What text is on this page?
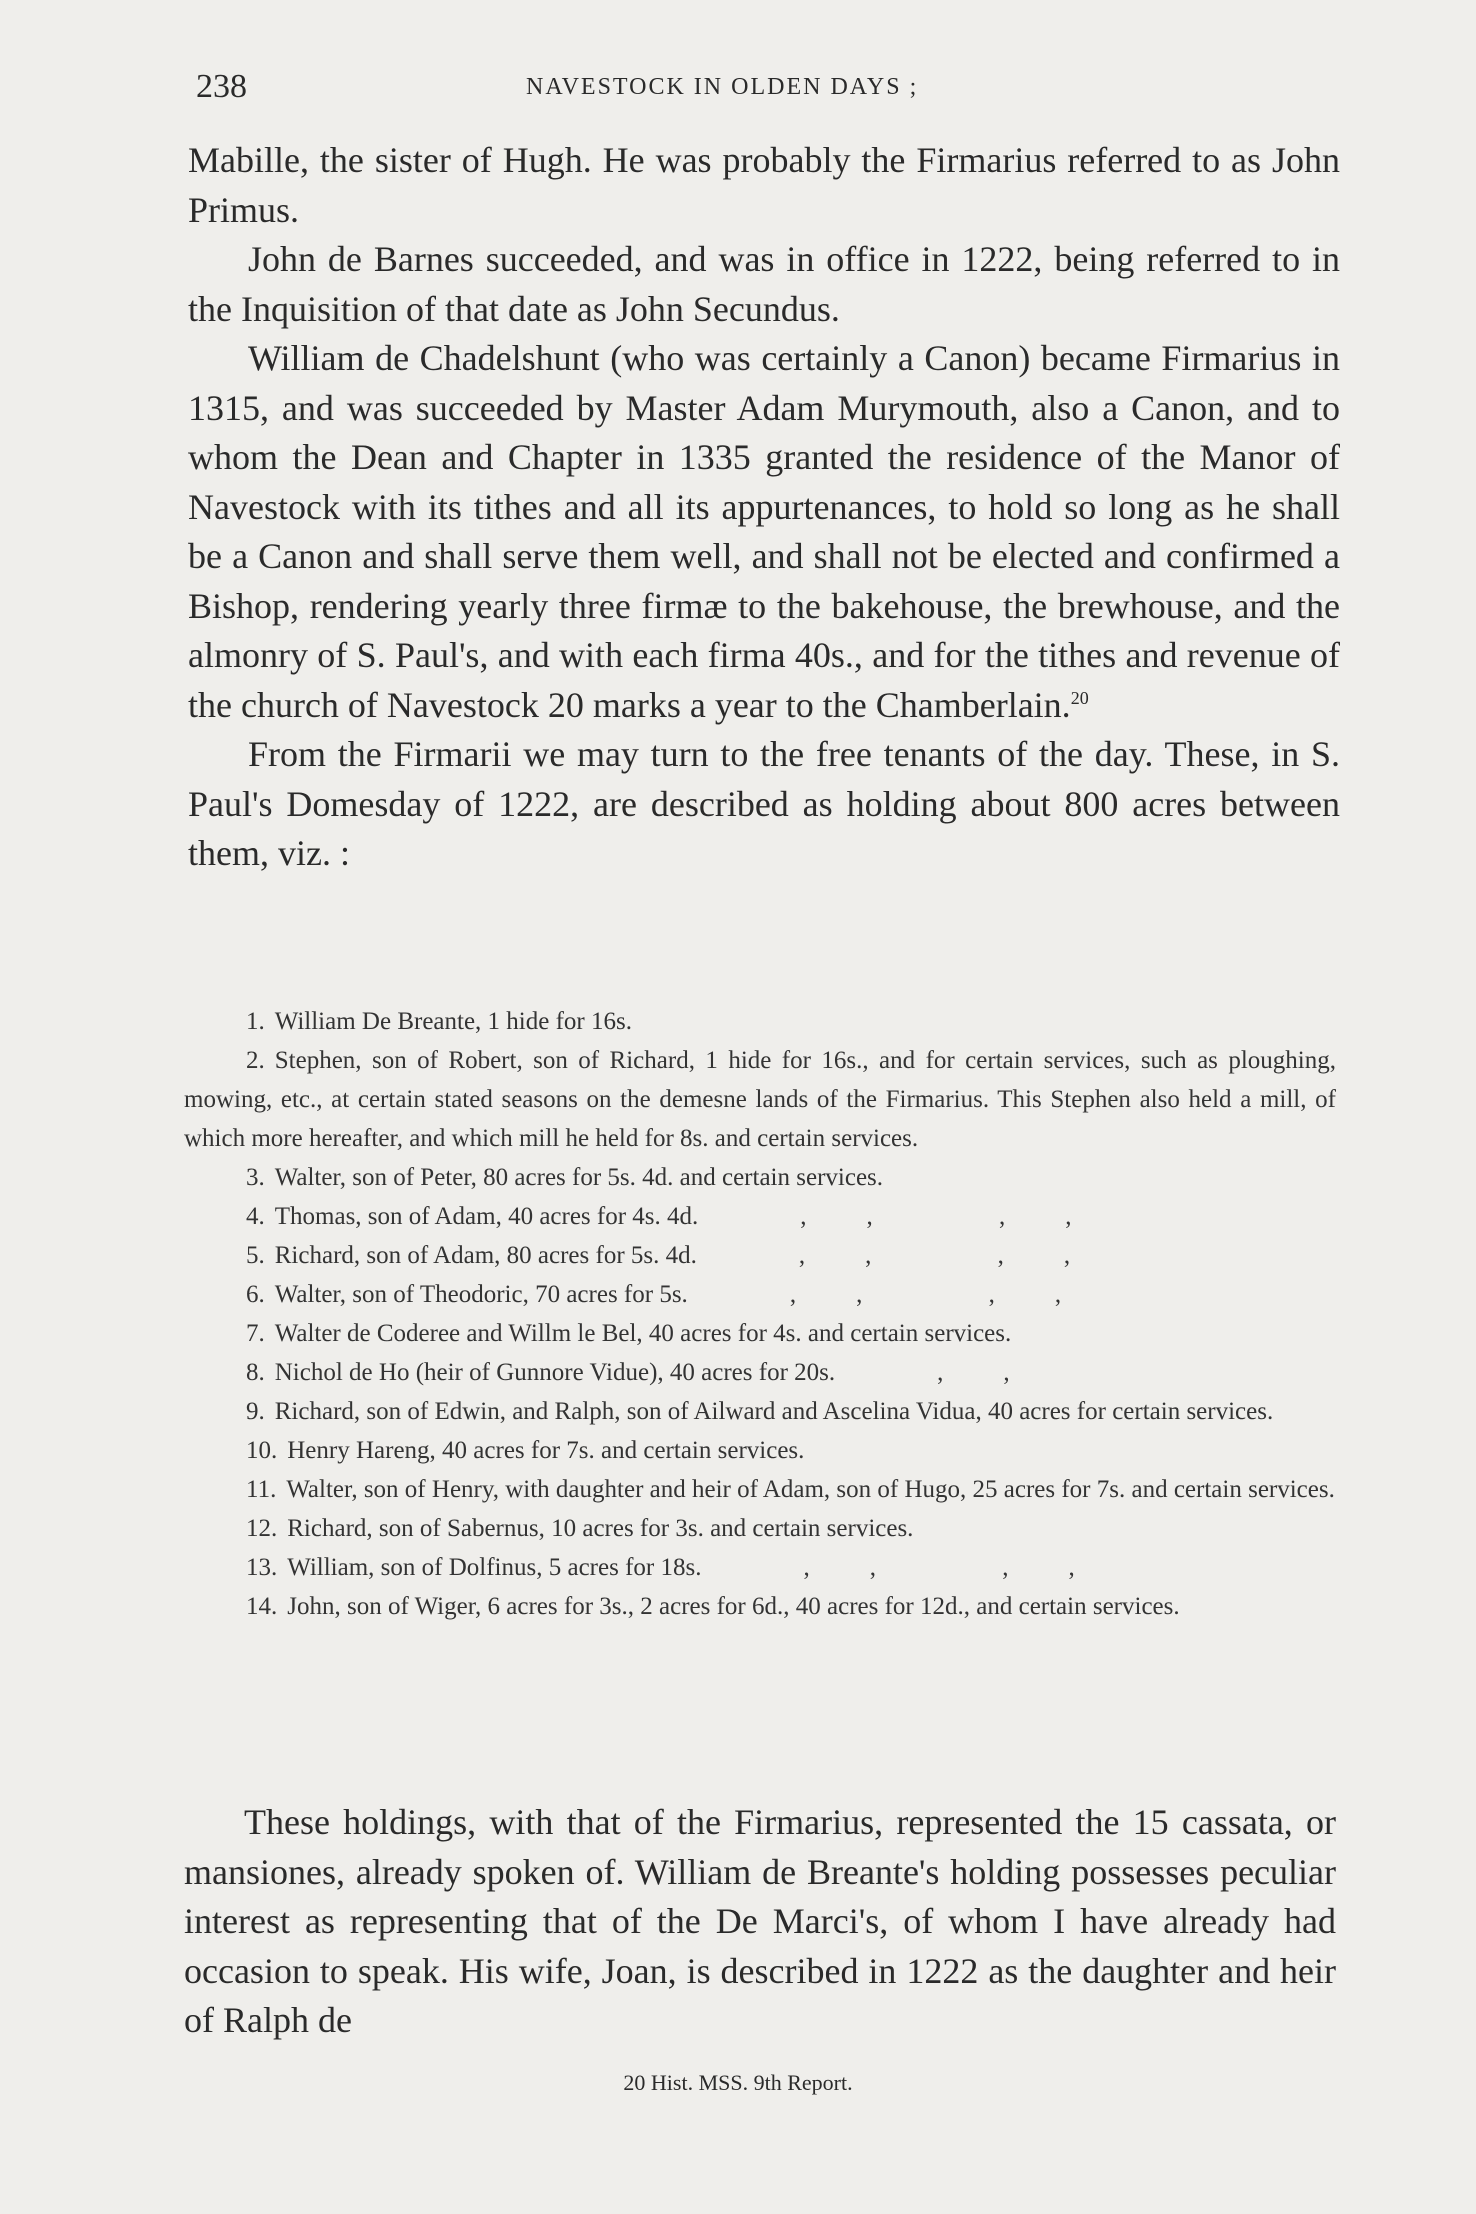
238	NAVESTOCK IN OLDEN DAYS ;

Mabille, the sister of Hugh. He was probably the Firmarius referred to as John Primus.

John de Barnes succeeded, and was in office in 1222, being referred to in the Inquisition of that date as John Secundus.

William de Chadelshunt (who was certainly a Canon) became Firmarius in 1315, and was succeeded by Master Adam Murymouth, also a Canon, and to whom the Dean and Chapter in 1335 granted the residence of the Manor of Navestock with its tithes and all its appurtenances, to hold so long as he shall be a Canon and shall serve them well, and shall not be elected and confirmed a Bishop, rendering yearly three firmæ to the bakehouse, the brewhouse, and the almonry of S. Paul's, and with each firma 40s., and for the tithes and revenue of the church of Navestock 20 marks a year to the Chamberlain.$^{20}$

From the Firmarii we may turn to the free tenants of the day. These, in S. Paul's Domesday of 1222, are described as holding about 800 acres between them, viz. :

1. William De Breante, 1 hide for 16s.

2. Stephen, son of Robert, son of Richard, 1 hide for 16s., and for certain services, such as ploughing, mowing, etc., at certain stated seasons on the demesne lands of the Firmarius. This Stephen also held a mill, of which more hereafter, and which mill he held for 8s. and certain services.

3. Walter, son of Peter, 80 acres for 5s. 4d. and certain services.

4. Thomas, son of Adam, 40 acres for 4s. 4d.	,, ,,

5. Richard, son of Adam, 80 acres for 5s. 4d.	,, ,,

6. Walter, son of Theodoric, 70 acres for 5s.	,, ,,

7. Walter de Coderee and Willm le Bel, 40 acres for 4s. and certain services.

8. Nichol de Ho (heir of Gunnore Vidue), 40 acres for 20s.	,,

9. Richard, son of Edwin, and Ralph, son of Ailward and Ascelina Vidua, 40 acres for certain services.

10. Henry Hareng, 40 acres for 7s. and certain services.

11. Walter, son of Henry, with daughter and heir of Adam, son of Hugo, 25 acres for 7s. and certain services.

12. Richard, son of Sabernus, 10 acres for 3s. and certain services.

13. William, son of Dolfinus, 5 acres for 18s.	,, ,,

14. John, son of Wiger, 6 acres for 3s., 2 acres for 6d., 40 acres for 12d., and certain services.

These holdings, with that of the Firmarius, represented the 15 cassata, or mansiones, already spoken of. William de Breante's holding possesses peculiar interest as representing that of the De Marci's, of whom I have already had occasion to speak. His wife, Joan, is described in 1222 as the daughter and heir of Ralph de

20 Hist. MSS. 9th Report.
